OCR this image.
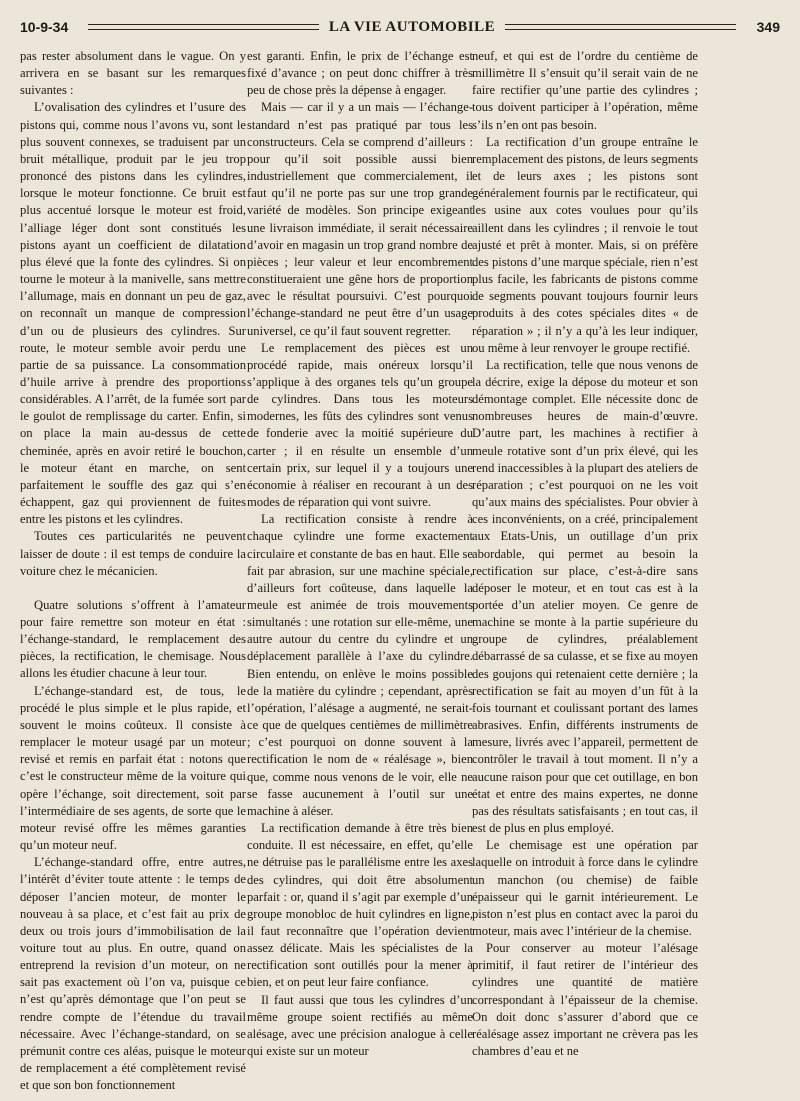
10-9-34	LA VIE AUTOMOBILE	349

pas rester absolument dans le vague. On y arrivera en se basant sur les remarques suivantes :

L’ovalisation des cylindres et l’usure des pistons qui, comme nous l’avons vu, sont le plus souvent connexes, se traduisent par un bruit métallique, produit par le jeu trop prononcé des pistons dans les cylindres, lorsque le moteur fonctionne. Ce bruit est plus accentué lorsque le moteur est froid, l’alliage léger dont sont constitués les pistons ayant un coefficient de dilatation plus élevé que la fonte des cylindres. Si on tourne le moteur à la manivelle, sans mettre l’allumage, mais en donnant un peu de gaz, on reconnaît un manque de compression d’un ou de plusieurs des cylindres. Sur route, le moteur semble avoir perdu une partie de sa puissance. La consommation d’huile arrive à prendre des proportions considérables. A l’arrêt, de la fumée sort par le goulot de remplissage du carter. Enfin, si on place la main au-dessus de cette cheminée, après en avoir retiré le bouchon, le moteur étant en marche, on sent parfaitement le souffle des gaz qui s’en échappent, gaz qui proviennent de fuites entre les pistons et les cylindres.

Toutes ces particularités ne peuvent laisser de doute : il est temps de conduire la voiture chez le mécanicien.

Quatre solutions s’offrent à l’amateur pour faire remettre son moteur en état : l’échange-standard, le remplacement des pièces, la rectification, le chemisage. Nous allons les étudier chacune à leur tour.

L’échange-standard est, de tous, le procédé le plus simple et le plus rapide, et souvent le moins coûteux. Il consiste à remplacer le moteur usagé par un moteur revisé et remis en parfait état : notons que c’est le constructeur même de la voiture qui opère l’échange, soit directement, soit par l’intermédiaire de ses agents, de sorte que le moteur revisé offre les mêmes garanties qu’un moteur neuf.

L’échange-standard offre, entre autres, l’intérêt d’éviter toute attente : le temps de déposer l’ancien moteur, de monter le nouveau à sa place, et c’est fait au prix de deux ou trois jours d’immobilisation de la voiture tout au plus. En outre, quand on entreprend la revision d’un moteur, on ne sait pas exactement où l’on va, puisque ce n’est qu’après démontage que l’on peut se rendre compte de l’étendue du travail nécessaire. Avec l’échange-standard, on se prémunit contre ces aléas, puisque le moteur de remplacement a été complètement revisé et que son bon fonctionnement

est garanti. Enfin, le prix de l’échange est fixé d’avance ; on peut donc chiffrer à très peu de chose près la dépense à engager.

Mais — car il y a un mais — l’échange-standard n’est pas pratiqué par tous les constructeurs. Cela se comprend d’ailleurs : pour qu’il soit possible aussi bien industriellement que commercialement, il faut qu’il ne porte pas sur une trop grande variété de modèles. Son principe exigeant une livraison immédiate, il serait nécessaire d’avoir en magasin un trop grand nombre de pièces ; leur valeur et leur encombrement constitueraient une gêne hors de proportion avec le résultat poursuivi. C’est pourquoi l’échange-standard ne peut être d’un usage universel, ce qu’il faut souvent regretter.

Le remplacement des pièces est un procédé rapide, mais onéreux lorsqu’il s’applique à des organes tels qu’un groupe de cylindres. Dans tous les moteurs modernes, les fûts des cylindres sont venus de fonderie avec la moitié supérieure du carter ; il en résulte un ensemble d’un certain prix, sur lequel il y a toujours une économie à réaliser en recourant à un des modes de réparation qui vont suivre.

La rectification consiste à rendre à chaque cylindre une forme exactement circulaire et constante de bas en haut. Elle se fait par abrasion, sur une machine spéciale, d’ailleurs fort coûteuse, dans laquelle la meule est animée de trois mouvements simultanés : une rotation sur elle-même, une autre autour du centre du cylindre et un déplacement parallèle à l’axe du cylindre. Bien entendu, on enlève le moins possible de la matière du cylindre ; cependant, après l’opération, l’alésage a augmenté, ne serait-ce que de quelques centièmes de millimètre ; c’est pourquoi on donne souvent à la rectification le nom de « réalésage », bien que, comme nous venons de le voir, elle ne se fasse aucunement à l’outil sur une machine à aléser.

La rectification demande à être très bien conduite. Il est nécessaire, en effet, qu’elle ne détruise pas le parallélisme entre les axes des cylindres, qui doit être absolument parfait : or, quand il s’agit par exemple d’un groupe monobloc de huit cylindres en ligne, il faut reconnaître que l’opération devient assez délicate. Mais les spécialistes de la rectification sont outillés pour la mener à bien, et on peut leur faire confiance.

Il faut aussi que tous les cylindres d’un même groupe soient rectifiés au même alésage, avec une précision analogue à celle qui existe sur un moteur

neuf, et qui est de l’ordre du centième de millimètre Il s’ensuit qu’il serait vain de ne faire rectifier qu’une partie des cylindres ; tous doivent participer à l’opération, même s’ils n’en ont pas besoin.

La rectification d’un groupe entraîne le remplacement des pistons, de leurs segments et de leurs axes ; les pistons sont généralement fournis par le rectificateur, qui les usine aux cotes voulues pour qu’ils aillent dans les cylindres ; il renvoie le tout ajusté et prêt à monter. Mais, si on préfère des pistons d’une marque spéciale, rien n’est plus facile, les fabricants de pistons comme de segments pouvant toujours fournir leurs produits à des cotes spéciales dites « de réparation » ; il n’y a qu’à les leur indiquer, ou même à leur renvoyer le groupe rectifié.

La rectification, telle que nous venons de la décrire, exige la dépose du moteur et son démontage complet. Elle nécessite donc de nombreuses heures de main-d’œuvre. D’autre part, les machines à rectifier à meule rotative sont d’un prix élevé, qui les rend inaccessibles à la plupart des ateliers de réparation ; c’est pourquoi on ne les voit qu’aux mains des spécialistes. Pour obvier à ces inconvénients, on a créé, principalement aux Etats-Unis, un outillage d’un prix abordable, qui permet au besoin la rectification sur place, c’est-à-dire sans déposer le moteur, et en tout cas est à la portée d’un atelier moyen. Ce genre de machine se monte à la partie supérieure du groupe de cylindres, préalablement débarrassé de sa culasse, et se fixe au moyen des goujons qui retenaient cette dernière ; la rectification se fait au moyen d’un fût à la fois tournant et coulissant portant des lames abrasives. Enfin, différents instruments de mesure, livrés avec l’appareil, permettent de contrôler le travail à tout moment. Il n’y a aucune raison pour que cet outillage, en bon état et entre des mains expertes, ne donne pas des résultats satisfaisants ; en tout cas, il est de plus en plus employé.

Le chemisage est une opération par laquelle on introduit à force dans le cylindre un manchon (ou chemise) de faible épaisseur qui le garnit intérieurement. Le piston n’est plus en contact avec la paroi du moteur, mais avec l’intérieur de la chemise.

Pour conserver au moteur l’alésage primitif, il faut retirer de l’intérieur des cylindres une quantité de matière correspondant à l’épaisseur de la chemise. On doit donc s’assurer d’abord que ce réalésage assez important ne crèvera pas les chambres d’eau et ne
